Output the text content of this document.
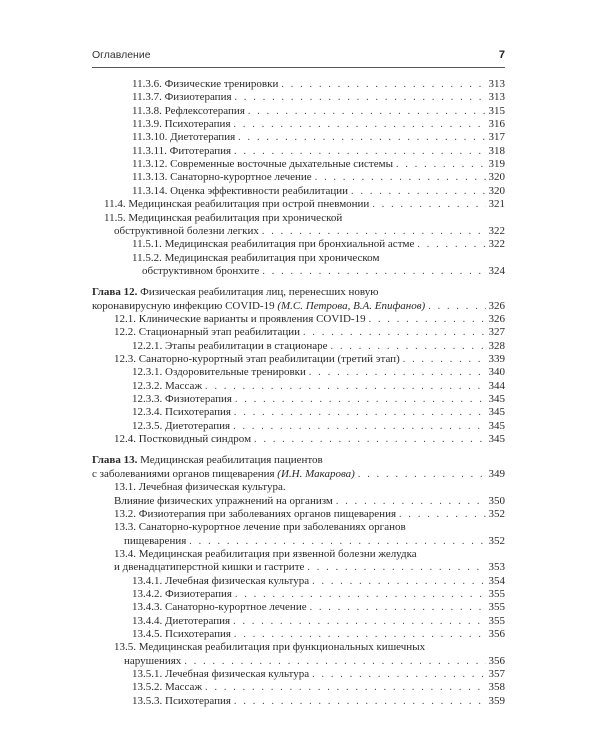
Оглавление	7
11.3.6. Физические тренировки . . .	313
11.3.7. Физиотерапия . . .	313
11.3.8. Рефлексотерапия . . .	315
11.3.9. Психотерапия . . .	316
11.3.10. Диетотерапия . . .	317
11.3.11. Фитотерапия . . .	318
11.3.12. Современные восточные дыхательные системы . . .	319
11.3.13. Санаторно-курортное лечение . . .	320
11.3.14. Оценка эффективности реабилитации . . .	320
11.4. Медицинская реабилитация при острой пневмонии . . .	321
11.5. Медицинская реабилитация при хронической
обструктивной болезни легких . . .	322
11.5.1. Медицинская реабилитация при бронхиальной астме . . .	322
11.5.2. Медицинская реабилитация при хроническом
обструктивном бронхите . . .	324
Глава 12. Физическая реабилитация лиц, перенесших новую
коронавирусную инфекцию COVID-19 (М.С. Петрова, В.А. Епифанов) . . .	326
12.1. Клинические варианты и проявления COVID-19 . . .	326
12.2. Стационарный этап реабилитации . . .	327
12.2.1. Этапы реабилитации в стационаре . . .	328
12.3. Санаторно-курортный этап реабилитации (третий этап) . . .	339
12.3.1. Оздоровительные тренировки . . .	340
12.3.2. Массаж . . .	344
12.3.3. Физиотерапия . . .	345
12.3.4. Психотерапия . . .	345
12.3.5. Диетотерапия . . .	345
12.4. Постковидный синдром . . .	345
Глава 13. Медицинская реабилитация пациентов
с заболеваниями органов пищеварения (И.Н. Макарова) . . .	349
13.1. Лечебная физическая культура.
Влияние физических упражнений на организм . . .	350
13.2. Физиотерапия при заболеваниях органов пищеварения . . .	352
13.3. Санаторно-курортное лечение при заболеваниях органов
пищеварения . . .	352
13.4. Медицинская реабилитация при язвенной болезни желудка
и двенадцатиперстной кишки и гастрите . . .	353
13.4.1. Лечебная физическая культура . . .	354
13.4.2. Физиотерапия . . .	355
13.4.3. Санаторно-курортное лечение . . .	355
13.4.4. Диетотерапия . . .	355
13.4.5. Психотерапия . . .	356
13.5. Медицинская реабилитация при функциональных кишечных
нарушениях . . .	356
13.5.1. Лечебная физическая культура . . .	357
13.5.2. Массаж . . .	358
13.5.3. Психотерапия . . .	359
